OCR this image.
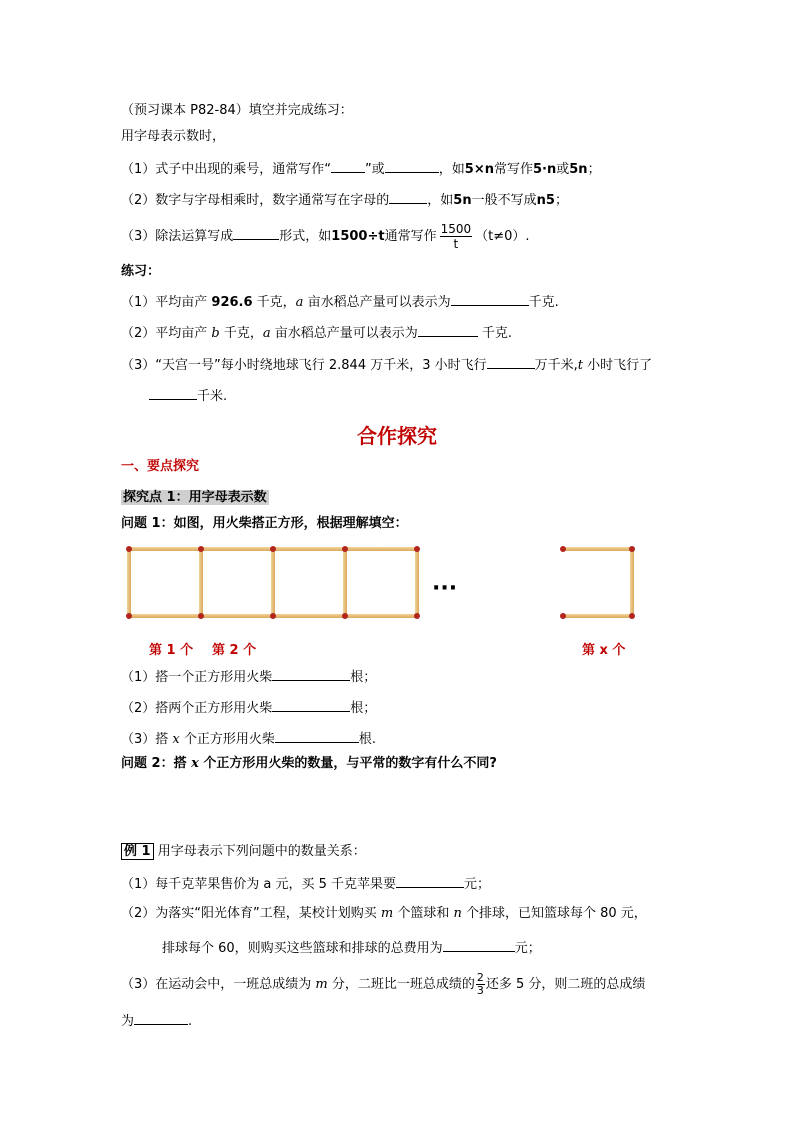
（预习课本 P82-84）填空并完成练习：
用字母表示数时，
（1）式子中出现的乘号，通常写作“	”或	，如5×n常写作5·n或5n；
（2）数字与字母相乘时，数字通常写在字母的	，如5n一般不写成n5；
（3）除法运算写成	形式，如1500÷t通常写作 $\frac{1500}{t} (t\ne 0)$.
练习：
（1）平均亩产 926.6 千克，a 亩水稻总产量可以表示为	千克.
（2）平均亩产 b 千克，a 亩水稻总产量可以表示为	千克.
（3）“天宫一号”每小时绕地球飞行 2.844 万千米，3 小时飞行	万千米,t 小时飞行了
千米.
合作探究
一、要点探究
探究点 1：用字母表示数
问题 1：如图，用火柴搭正方形，根据理解填空：
···
第 1 个 第 2 个	第 x 个
（1）搭一个正方形用火柴	根；
（2）搭两个正方形用火柴	根；
（3）搭 x 个正方形用火柴	根.
问题 2：搭 x 个正方形用火柴的数量，与平常的数字有什么不同?
例 1 用字母表示下列问题中的数量关系：
（1）每千克苹果售价为 a 元，买 5 千克苹果要	元；
（2）为落实“阳光体育”工程，某校计划购买 m 个篮球和 n 个排球，已知篮球每个 80 元，
排球每个 60，则购买这些篮球和排球的总费用为	元；
（3）在运动会中，一班总成绩为 m 分，二班比一班总成绩的 $\frac{2}{3}$ 还多 5 分，则二班的总成绩
为	.
